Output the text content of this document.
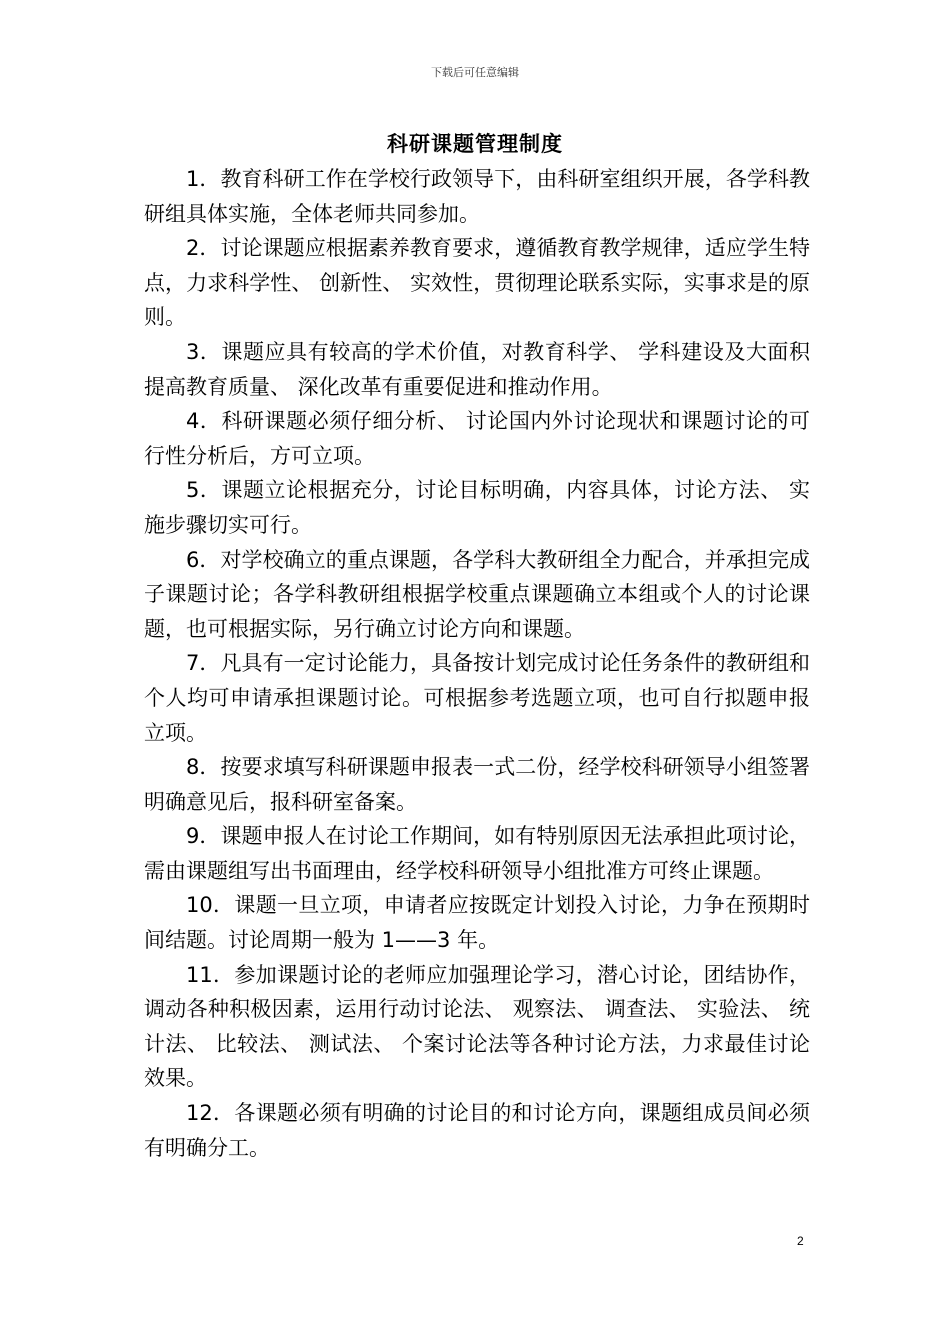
下载后可任意编辑
科研课题管理制度

1．教育科研工作在学校行政领导下，由科研室组织开展，各学科教研组具体实施，全体老师共同参加。

2．讨论课题应根据素养教育要求，遵循教育教学规律，适应学生特点，力求科学性、 创新性、 实效性，贯彻理论联系实际，实事求是的原则。

3．课题应具有较高的学术价值，对教育科学、 学科建设及大面积提高教育质量、 深化改革有重要促进和推动作用。

4．科研课题必须仔细分析、 讨论国内外讨论现状和课题讨论的可行性分析后，方可立项。

5．课题立论根据充分，讨论目标明确，内容具体，讨论方法、 实施步骤切实可行。

6．对学校确立的重点课题，各学科大教研组全力配合，并承担完成子课题讨论；各学科教研组根据学校重点课题确立本组或个人的讨论课题，也可根据实际，另行确立讨论方向和课题。

7．凡具有一定讨论能力，具备按计划完成讨论任务条件的教研组和个人均可申请承担课题讨论。可根据参考选题立项，也可自行拟题申报立项。

8．按要求填写科研课题申报表一式二份，经学校科研领导小组签署明确意见后，报科研室备案。

9．课题申报人在讨论工作期间，如有特别原因无法承担此项讨论，需由课题组写出书面理由，经学校科研领导小组批准方可终止课题。

10．课题一旦立项，申请者应按既定计划投入讨论，力争在预期时间结题。讨论周期一般为 1——3 年。

11．参加课题讨论的老师应加强理论学习，潜心讨论，团结协作，调动各种积极因素，运用行动讨论法、 观察法、 调查法、 实验法、 统计法、 比较法、 测试法、 个案讨论法等各种讨论方法，力求最佳讨论效果。

12．各课题必须有明确的讨论目的和讨论方向，课题组成员间必须有明确分工。

2
